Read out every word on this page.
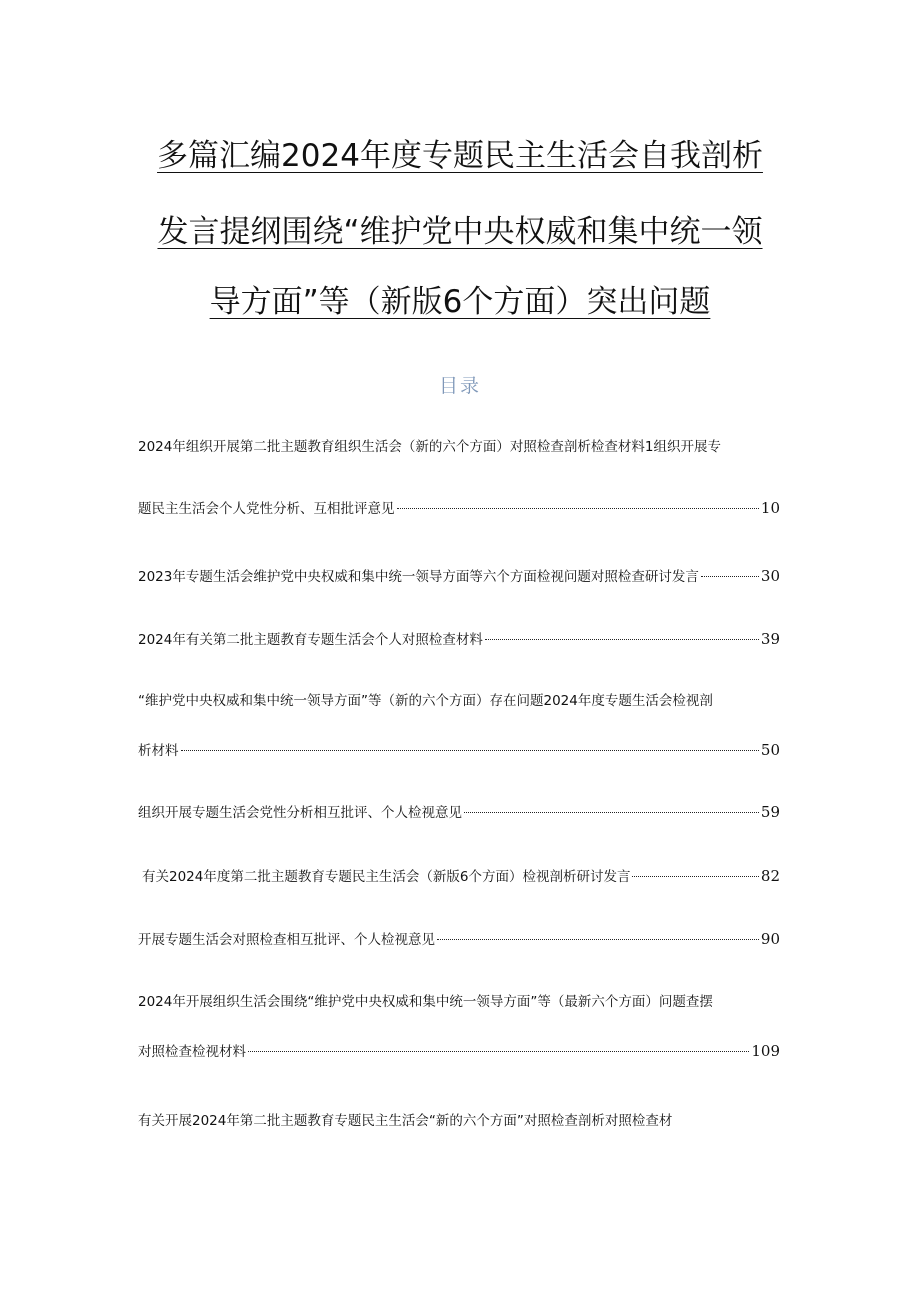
多篇汇编2024年度专题民主生活会自我剖析
发言提纲围绕“维护党中央权威和集中统一领
导方面”等（新版6个方面）突出问题
目录
2024年组织开展第二批主题教育组织生活会（新的六个方面）对照检查剖析检查材料1组织开展专
题民主生活会个人党性分析、互相批评意见	10
2023年专题生活会维护党中央权威和集中统一领导方面等六个方面检视问题对照检查研讨发言	30
2024年有关第二批主题教育专题生活会个人对照检查材料	39
“维护党中央权威和集中统一领导方面”等（新的六个方面）存在问题2024年度专题生活会检视剖
析材料	50
组织开展专题生活会党性分析相互批评、个人检视意见	59
有关2024年度第二批主题教育专题民主生活会（新版6个方面）检视剖析研讨发言	82
开展专题生活会对照检查相互批评、个人检视意见	90
2024年开展组织生活会围绕“维护党中央权威和集中统一领导方面”等（最新六个方面）问题查摆
对照检查检视材料	109
有关开展2024年第二批主题教育专题民主生活会“新的六个方面”对照检查剖析对照检查材
